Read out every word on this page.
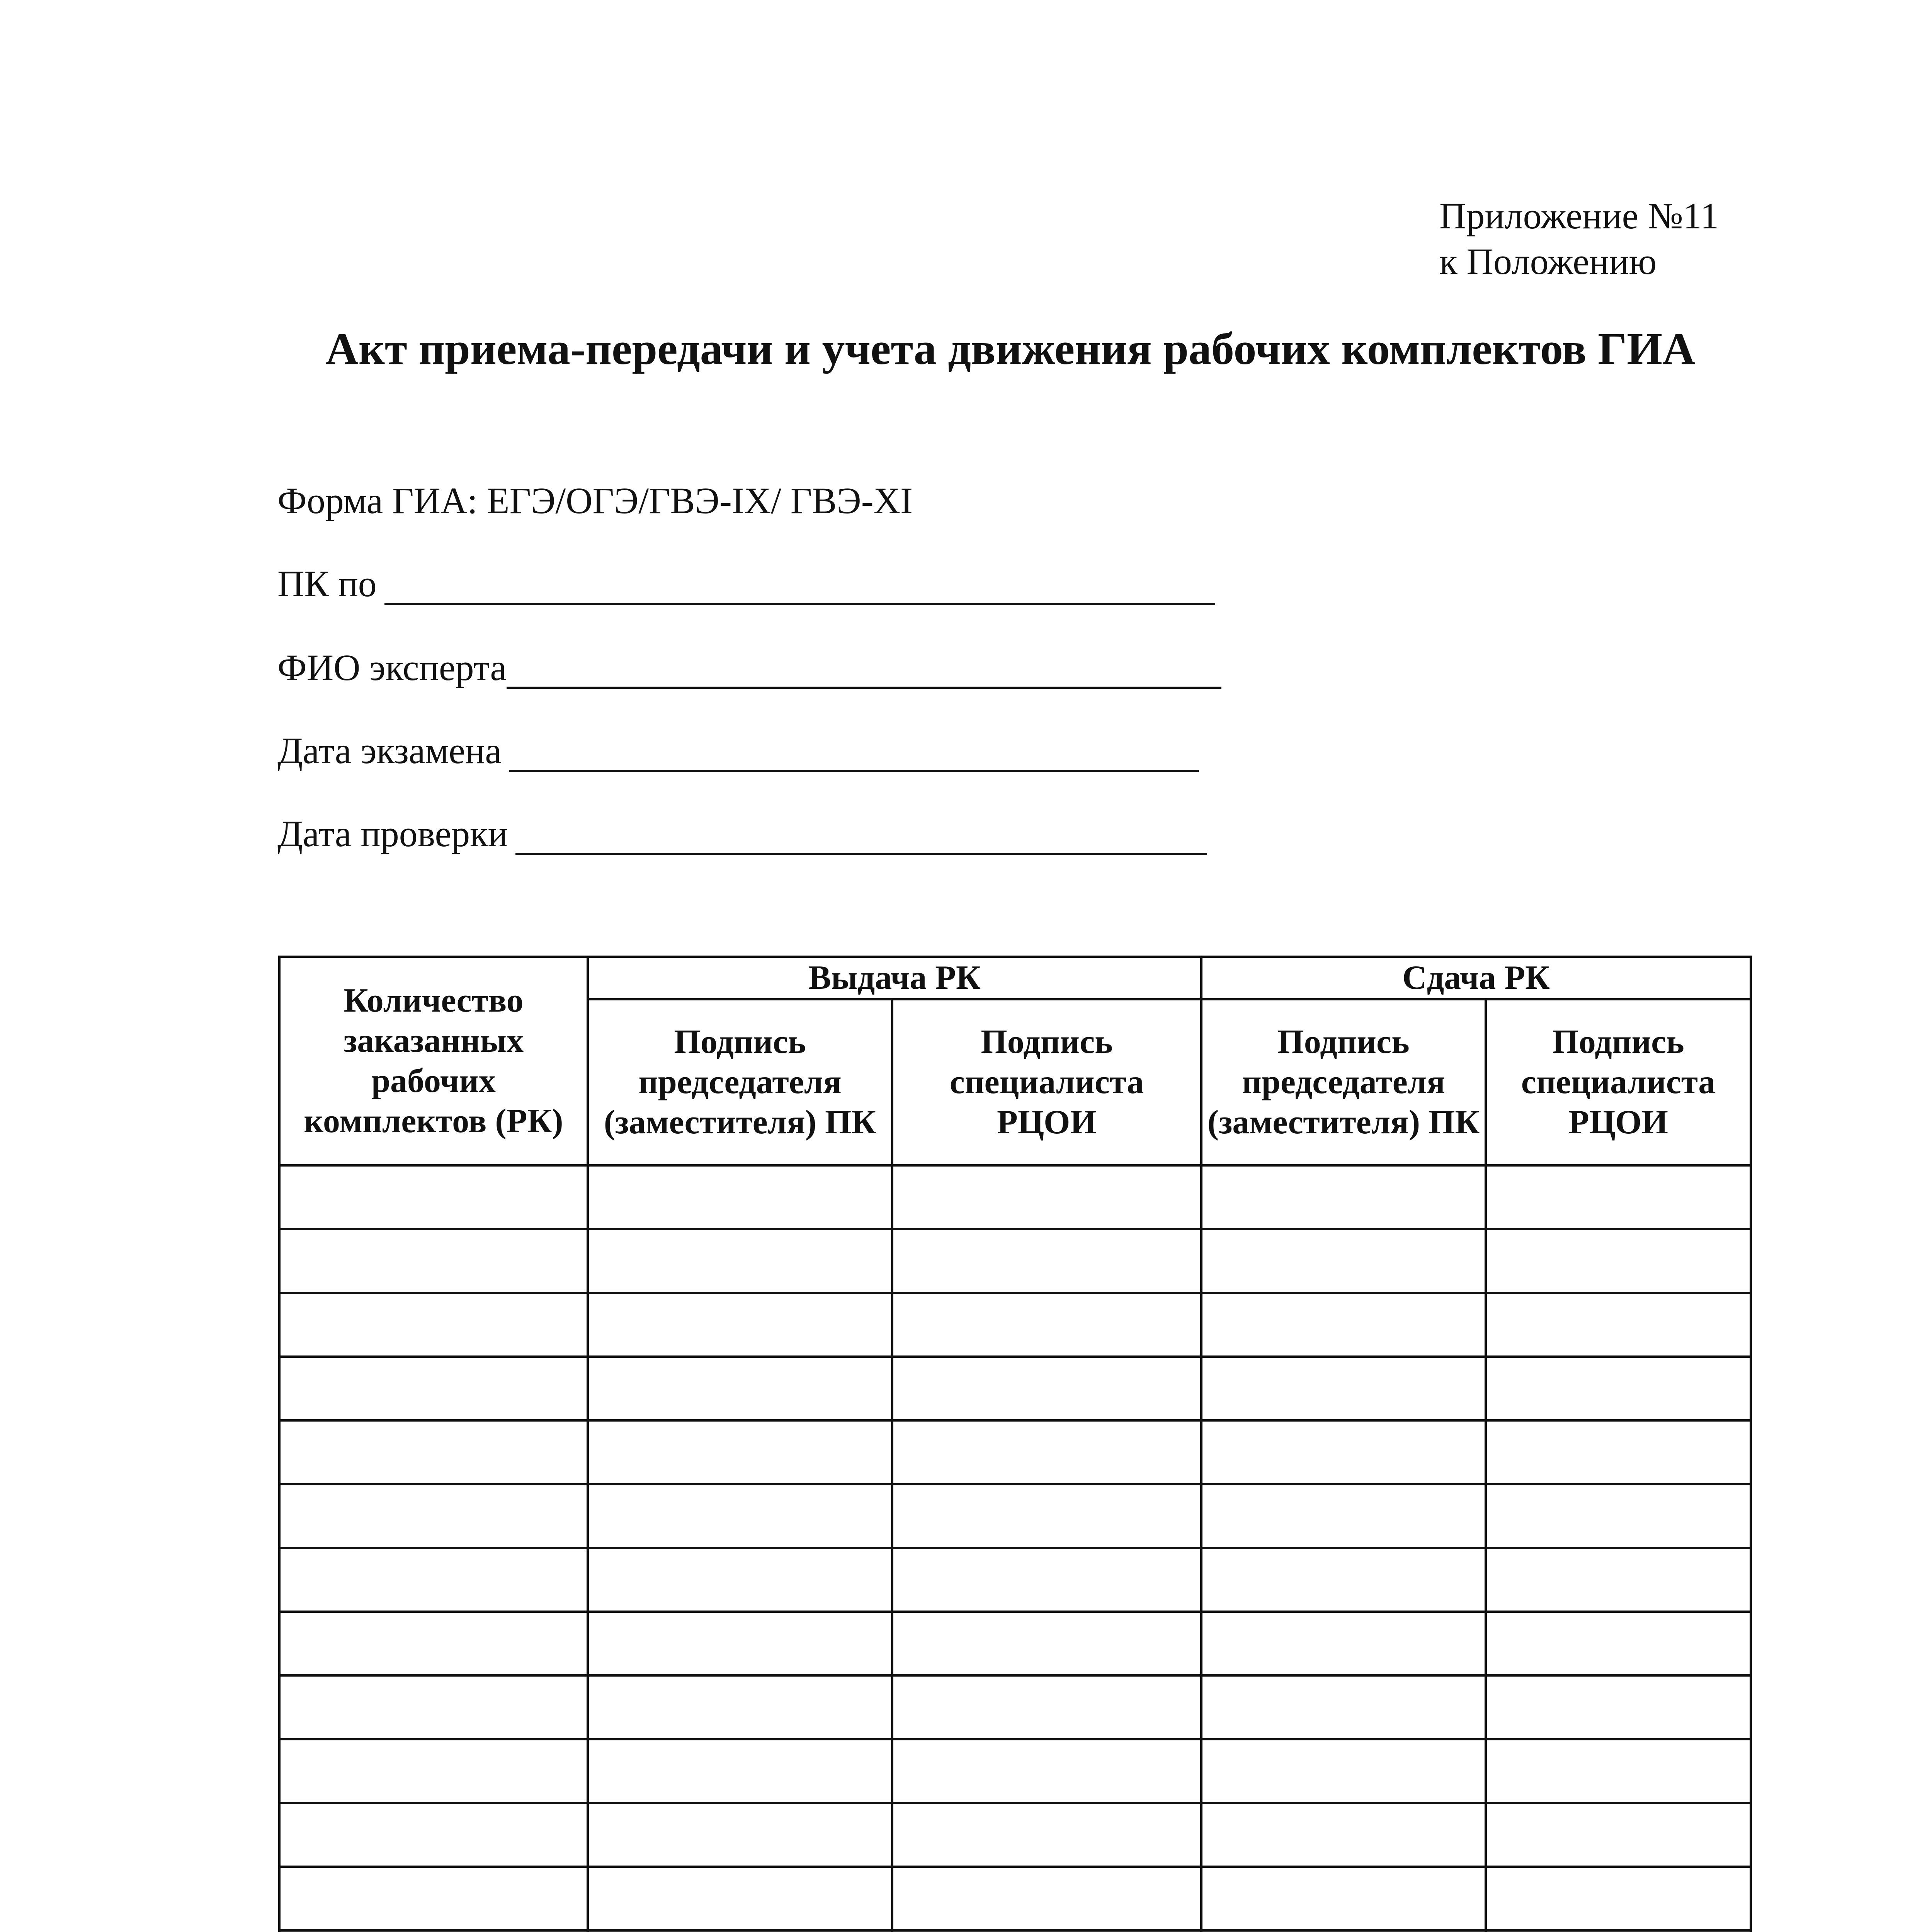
Приложение №11
к Положению
Акт приема-передачи и учета движения рабочих комплектов ГИА
Форма ГИА: ЕГЭ/ОГЭ/ГВЭ-IX/ ГВЭ-XI
ПК по
ФИО эксперта
Дата экзамена
Дата проверки
Количество заказанных рабочих комплектов (РК)	Выдача РК		Сдача РК	
	Подпись председателя (заместителя) ПК	Подпись специалиста РЦОИ	Подпись председателя (заместителя) ПК	Подпись специалиста РЦОИ
